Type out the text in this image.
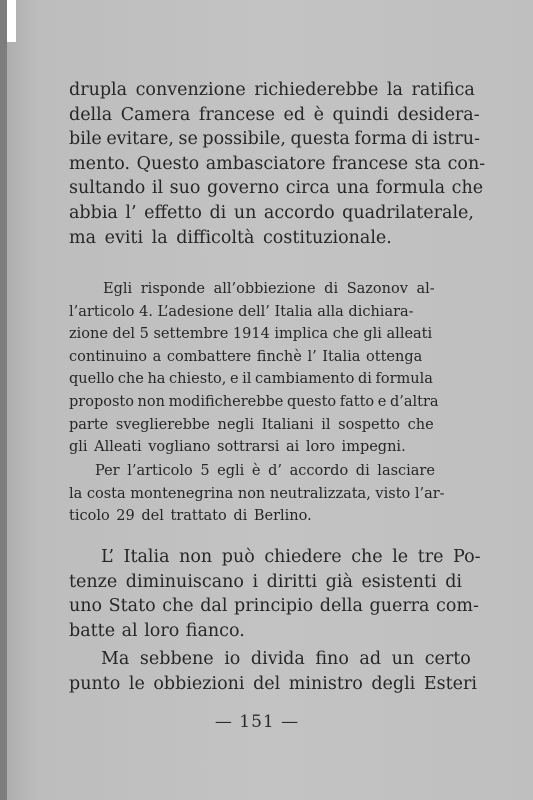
drupla convenzione richiederebbe la ratifica
della Camera francese ed è quindi desidera-
bile evitare, se possibile, questa forma di istru-
mento. Questo ambasciatore francese sta con-
sultando il suo governo circa una formula che
abbia l’ effetto di un accordo quadrilaterale,
ma eviti la difficoltà costituzionale.
Egli risponde all’obbiezione di Sazonov al-
l’articolo 4. L’adesione dell’ Italia alla dichiara-
zione del 5 settembre 1914 implica che gli alleati
continuino a combattere finchè l’ Italia ottenga
quello che ha chiesto, e il cambiamento di formula
proposto non modificherebbe questo fatto e d’altra
parte sveglierebbe negli Italiani il sospetto che
gli Alleati vogliano sottrarsi ai loro impegni.
Per l’articolo 5 egli è d’ accordo di lasciare
la costa montenegrina non neutralizzata, visto l’ar-
ticolo 29 del trattato di Berlino.
L’ Italia non può chiedere che le tre Po-
tenze diminuiscano i diritti già esistenti di
uno Stato che dal principio della guerra com-
batte al loro fianco.
Ma sebbene io divida fino ad un certo
punto le obbiezioni del ministro degli Esteri
— 151 —
